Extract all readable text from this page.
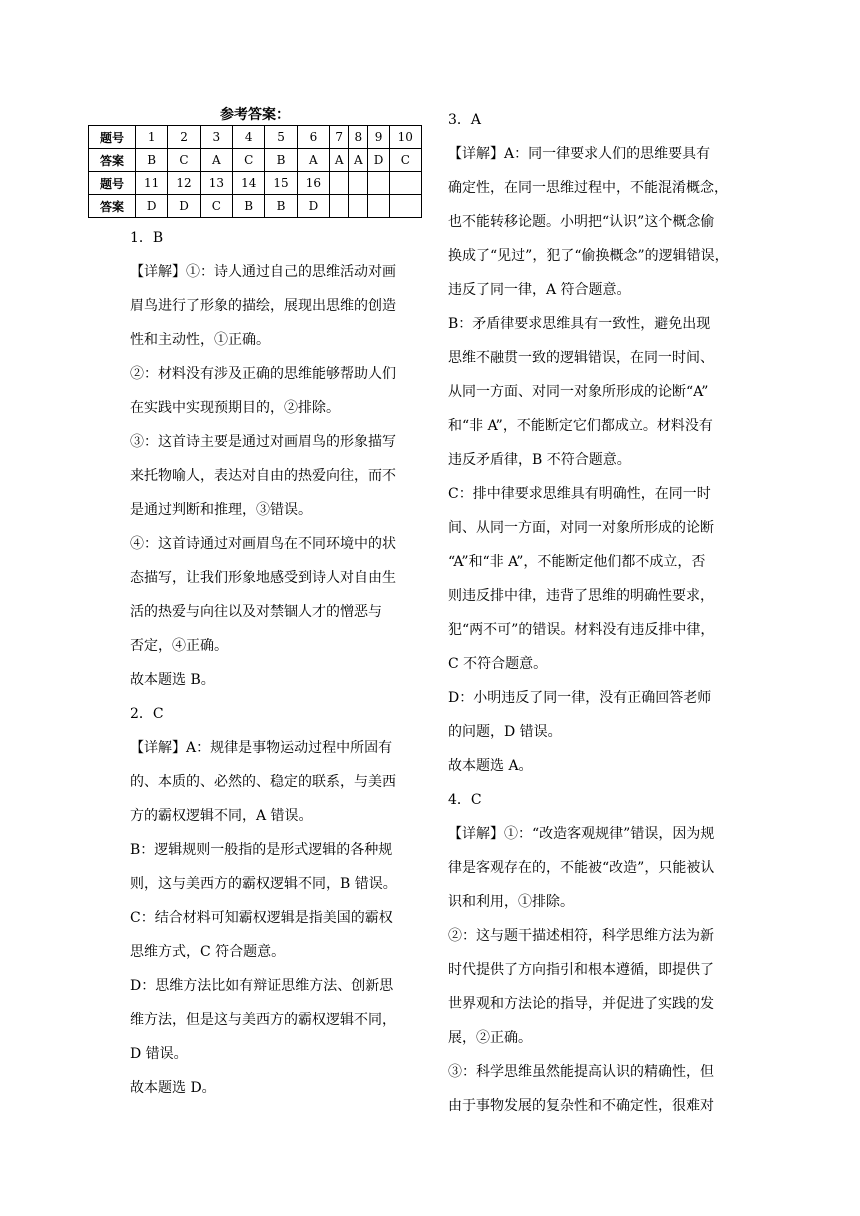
参考答案：
题号	1	2	3	4	5	6	7	8	9	10
答案	B	C	A	C	B	A	A	A	D	C
题号	11	12	13	14	15	16				
答案	D	D	C	B	B	D				

1．B

【详解】①：诗人通过自己的思维活动对画

眉鸟进行了形象的描绘，展现出思维的创造

性和主动性，①正确。

②：材料没有涉及正确的思维能够帮助人们

在实践中实现预期目的，②排除。

③：这首诗主要是通过对画眉鸟的形象描写

来托物喻人，表达对自由的热爱向往，而不

是通过判断和推理，③错误。

④：这首诗通过对画眉鸟在不同环境中的状

态描写，让我们形象地感受到诗人对自由生

活的热爱与向往以及对禁锢人才的憎恶与

否定，④正确。

故本题选 B。

2．C

【详解】A：规律是事物运动过程中所固有

的、本质的、必然的、稳定的联系，与美西

方的霸权逻辑不同，A 错误。

B：逻辑规则一般指的是形式逻辑的各种规

则，这与美西方的霸权逻辑不同，B 错误。

C：结合材料可知霸权逻辑是指美国的霸权

思维方式，C 符合题意。

D：思维方法比如有辩证思维方法、创新思

维方法，但是这与美西方的霸权逻辑不同，

D 错误。

故本题选 D。

3．A

【详解】A：同一律要求人们的思维要具有

确定性，在同一思维过程中，不能混淆概念，

也不能转移论题。小明把“认识”这个概念偷

换成了“见过”，犯了“偷换概念”的逻辑错误，

违反了同一律，A 符合题意。

B：矛盾律要求思维具有一致性，避免出现

思维不融贯一致的逻辑错误，在同一时间、

从同一方面、对同一对象所形成的论断“A”

和“非 A”，不能断定它们都成立。材料没有

违反矛盾律，B 不符合题意。

C：排中律要求思维具有明确性，在同一时

间、从同一方面，对同一对象所形成的论断

“A”和“非 A”，不能断定他们都不成立，否

则违反排中律，违背了思维的明确性要求，

犯“两不可”的错误。材料没有违反排中律，

C 不符合题意。

D：小明违反了同一律，没有正确回答老师

的问题，D 错误。

故本题选 A。

4．C

【详解】①：“改造客观规律”错误，因为规

律是客观存在的，不能被“改造”，只能被认

识和利用，①排除。

②：这与题干描述相符，科学思维方法为新

时代提供了方向指引和根本遵循，即提供了

世界观和方法论的指导，并促进了实践的发

展，②正确。

③：科学思维虽然能提高认识的精确性，但

由于事物发展的复杂性和不确定性，很难对
